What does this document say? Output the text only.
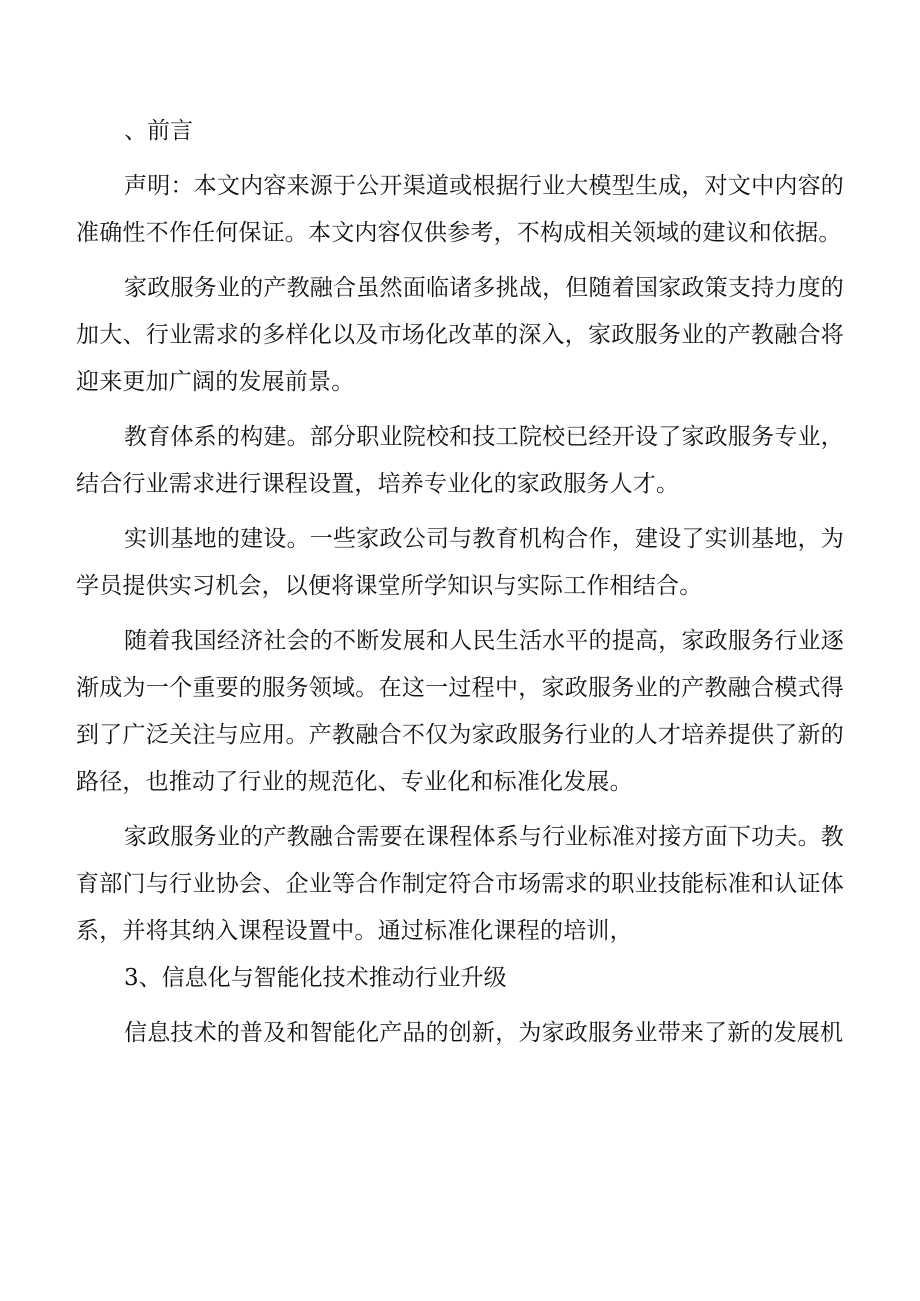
、前言

声明：本文内容来源于公开渠道或根据行业大模型生成，对文中内容的准确性不作任何保证。本文内容仅供参考，不构成相关领域的建议和依据。

家政服务业的产教融合虽然面临诸多挑战，但随着国家政策支持力度的加大、行业需求的多样化以及市场化改革的深入，家政服务业的产教融合将迎来更加广阔的发展前景。

教育体系的构建。部分职业院校和技工院校已经开设了家政服务专业，结合行业需求进行课程设置，培养专业化的家政服务人才。

实训基地的建设。一些家政公司与教育机构合作，建设了实训基地，为学员提供实习机会，以便将课堂所学知识与实际工作相结合。

随着我国经济社会的不断发展和人民生活水平的提高，家政服务行业逐渐成为一个重要的服务领域。在这一过程中，家政服务业的产教融合模式得到了广泛关注与应用。产教融合不仅为家政服务行业的人才培养提供了新的路径，也推动了行业的规范化、专业化和标准化发展。

家政服务业的产教融合需要在课程体系与行业标准对接方面下功夫。教育部门与行业协会、企业等合作制定符合市场需求的职业技能标准和认证体系，并将其纳入课程设置中。通过标准化课程的培训，

3、信息化与智能化技术推动行业升级

信息技术的普及和智能化产品的创新，为家政服务业带来了新的发展机
